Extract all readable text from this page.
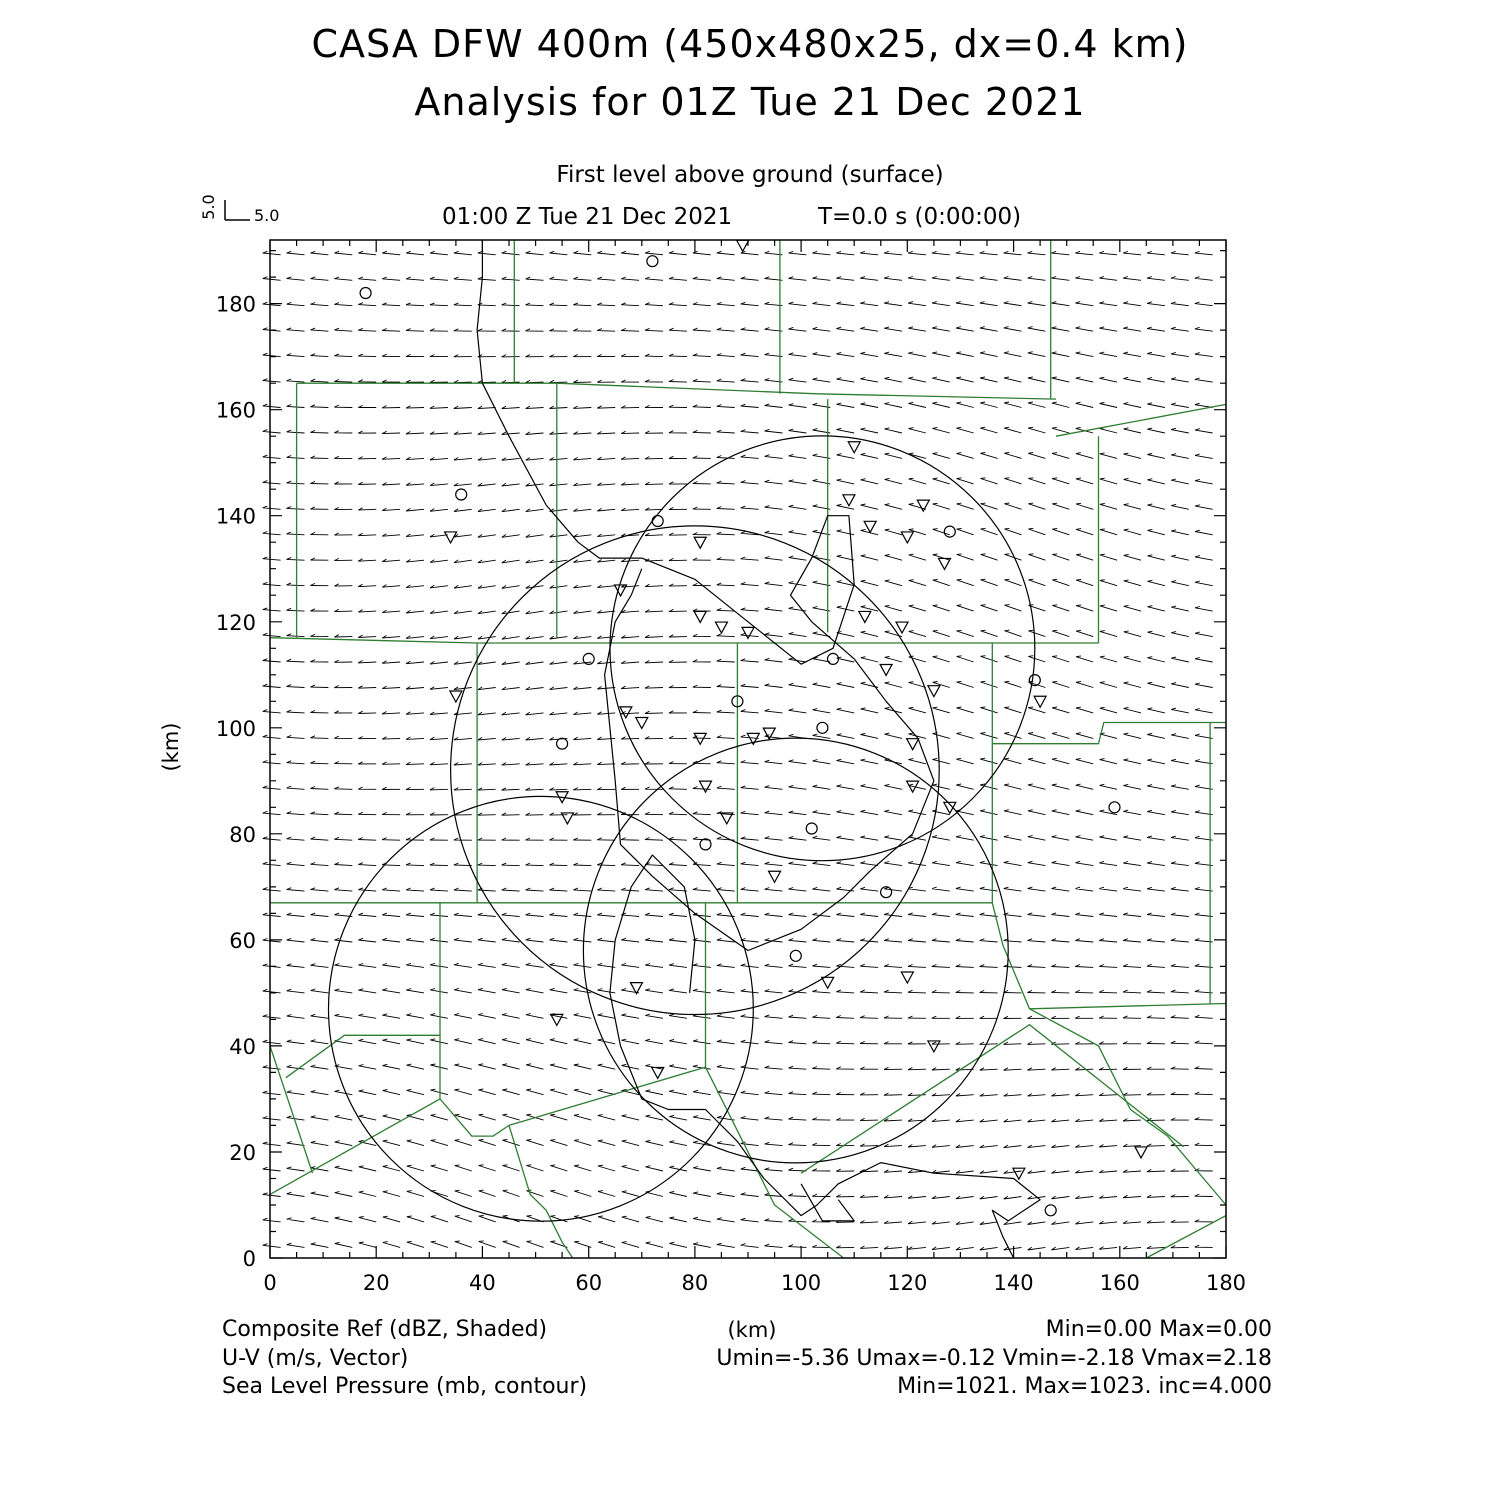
CASA DFW 400m (450x480x25, dx=0.4 km)
Analysis for 01Z Tue 21 Dec 2021
First level above ground (surface)
01:00 Z Tue 21 Dec 2021	T=0.0 s (0:00:00)
0	20	40	60	80	100	120	140	160	180
0
20
40
60
80
100
120
140
160
180
(km)
(km)
5.0
5.0
Composite Ref (dBZ, Shaded)	Min=0.00 Max=0.00
U-V (m/s, Vector)	Umin=-5.36 Umax=-0.12 Vmin=-2.18 Vmax=2.18
Sea Level Pressure (mb, contour)	Min=1021. Max=1023. inc=4.000
